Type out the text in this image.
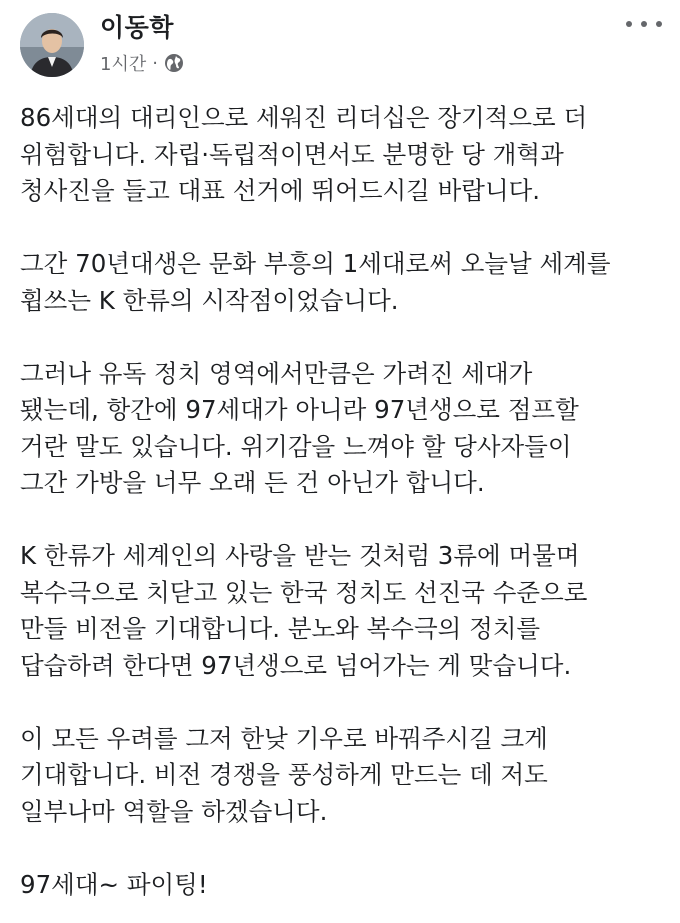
이동학
1시간 ·
86세대의 대리인으로 세워진 리더십은 장기적으로 더
위험합니다. 자립·독립적이면서도 분명한 당 개혁과
청사진을 들고 대표 선거에 뛰어드시길 바랍니다.
그간 70년대생은 문화 부흥의 1세대로써 오늘날 세계를
휩쓰는 K 한류의 시작점이었습니다.
그러나 유독 정치 영역에서만큼은 가려진 세대가
됐는데, 항간에 97세대가 아니라 97년생으로 점프할
거란 말도 있습니다. 위기감을 느껴야 할 당사자들이
그간 가방을 너무 오래 든 건 아닌가 합니다.
K 한류가 세계인의 사랑을 받는 것처럼 3류에 머물며
복수극으로 치닫고 있는 한국 정치도 선진국 수준으로
만들 비전을 기대합니다. 분노와 복수극의 정치를
답습하려 한다면 97년생으로 넘어가는 게 맞습니다.
이 모든 우려를 그저 한낮 기우로 바꿔주시길 크게
기대합니다. 비전 경쟁을 풍성하게 만드는 데 저도
일부나마 역할을 하겠습니다.
97세대~ 파이팅!
